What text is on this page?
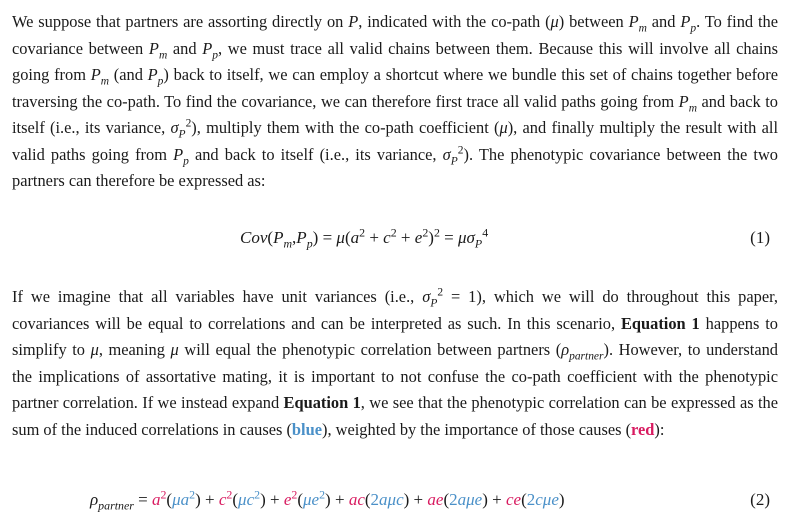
We suppose that partners are assorting directly on P, indicated with the co-path (μ) between $P_m$ and $P_p$. To find the covariance between $P_m$ and $P_p$, we must trace all valid chains between them. Because this will involve all chains going from $P_m$ (and $P_p$) back to itself, we can employ a shortcut where we bundle this set of chains together before traversing the co-path. To find the covariance, we can therefore first trace all valid paths going from $P_m$ and back to itself (i.e., its variance, $\sigma_P^2$), multiply them with the co-path coefficient (μ), and finally multiply the result with all valid paths going from $P_p$ and back to itself (i.e., its variance, $\sigma_P^2$). The phenotypic covariance between the two partners can therefore be expressed as:

$Cov(P_m,P_p) = \mu(a^2 + c^2 + e^2)^2 = \mu\sigma_P^4$	(1)

If we imagine that all variables have unit variances (i.e., $\sigma_P^2 = 1$), which we will do throughout this paper, covariances will be equal to correlations and can be interpreted as such. In this scenario, Equation 1 happens to simplify to μ, meaning μ will equal the phenotypic correlation between partners $(\rho_{partner})$. However, to understand the implications of assortative mating, it is important to not confuse the co-path coefficient with the phenotypic partner correlation. If we instead expand Equation 1, we see that the phenotypic correlation can be expressed as the sum of the induced correlations in causes (blue), weighted by the importance of those causes (red):

$\rho_{partner} = a^2(\mu a^2) + c^2(\mu c^2) + e^2(\mu e^2) + ac(2a\mu c) + ae(2a\mu e) + ce(2c\mu e)$	(2)
